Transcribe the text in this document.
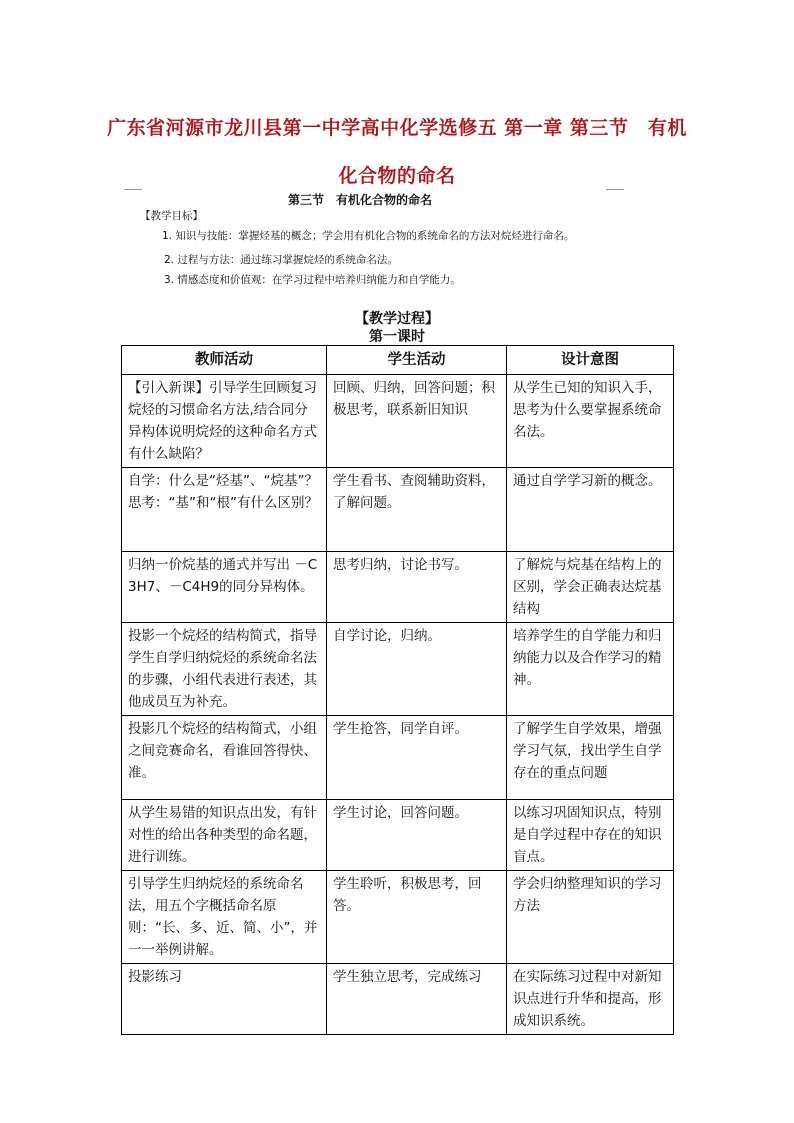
广东省河源市龙川县第一中学高中化学选修五 第一章 第三节　有机化合物的命名
第三节　有机化合物的命名
【教学目标】
1. 知识与技能：掌握烃基的概念；学会用有机化合物的系统命名的方法对烷烃进行命名。
2. 过程与方法：通过练习掌握烷烃的系统命名法。
3. 情感态度和价值观：在学习过程中培养归纳能力和自学能力。
【教学过程】
第一课时
教师活动	学生活动	设计意图
【引入新课】引导学生回顾复习烷烃的习惯命名方法,结合同分异构体说明烷烃的这种命名方式有什么缺陷？	回顾、归纳，回答问题；积极思考，联系新旧知识	从学生已知的知识入手，思考为什么要掌握系统命名法。
自学：什么是“烃基”、“烷基”？
思考：“基”和“根”有什么区别？	学生看书、查阅辅助资料，了解问题。	通过自学学习新的概念。
归纳一价烷基的通式并写出 －C3H7、－C4H9的同分异构体。	思考归纳，讨论书写。	了解烷与烷基在结构上的区别，学会正确表达烷基结构
投影一个烷烃的结构简式，指导学生自学归纳烷烃的系统命名法的步骤，小组代表进行表述，其他成员互为补充。	自学讨论，归纳。	培养学生的自学能力和归纳能力以及合作学习的精神。
投影几个烷烃的结构简式，小组之间竞赛命名，看谁回答得快、准。	学生抢答，同学自评。	了解学生自学效果，增强学习气氛，找出学生自学存在的重点问题
从学生易错的知识点出发，有针对性的给出各种类型的命名题，进行训练。	学生讨论，回答问题。	以练习巩固知识点，特别是自学过程中存在的知识盲点。
引导学生归纳烷烃的系统命名法，用五个字概括命名原则：“长、多、近、简、小”，并一一举例讲解。	学生聆听，积极思考，回答。	学会归纳整理知识的学习方法
投影练习	学生独立思考，完成练习	在实际练习过程中对新知识点进行升华和提高，形成知识系统。
